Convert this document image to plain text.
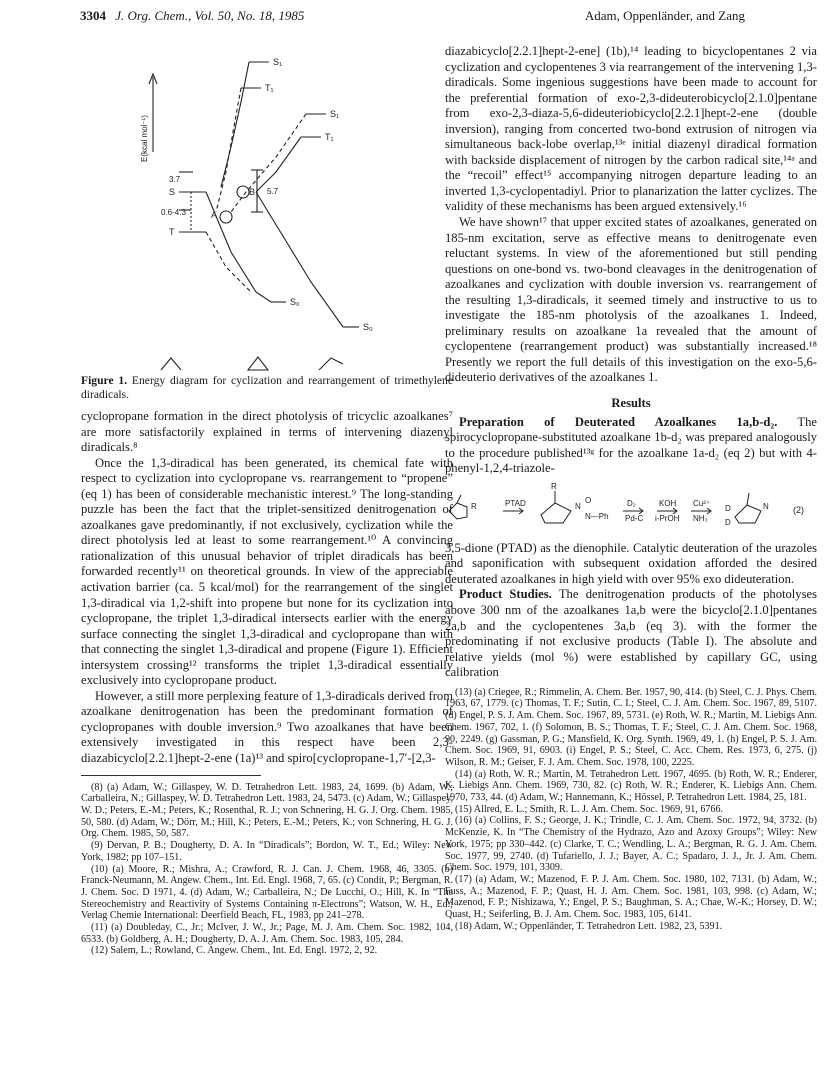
3304 J. Org. Chem., Vol. 50, No. 18, 1985	Adam, Oppenländer, and Zang
S₁
T₁
S₁
T₁
S
T
S₀
S₀
A
B
3.7
0.6-4.3
5.7
E(kcal mol⁻¹)

Figure 1. Energy diagram for cyclization and rearrangement of trimethylene diradicals.

cyclopropane formation in the direct photolysis of tricyclic azoalkanes⁷ are more satisfactorily explained in terms of intervening diazenyl diradicals.⁸

Once the 1,3-diradical has been generated, its chemical fate with respect to cyclization into cyclopropane vs. rearrangement to “propene” (eq 1) has been of considerable mechanistic interest.⁹ The long-standing puzzle has been the fact that the triplet-sensitized denitrogenation of azoalkanes gave predominantly, if not exclusively, cyclization while the direct photolysis led at least to some rearrangement.¹⁰ A convincing rationalization of this unusual behavior of triplet diradicals has been forwarded recently¹¹ on theoretical grounds. In view of the appreciable activation barrier (ca. 5 kcal/mol) for the rearrangement of the singlet 1,3-diradical via 1,2-shift into propene but none for its cyclization into cyclopropane, the triplet 1,3-diradical intersects earlier with the energy surface connecting the singlet 1,3-diradical and cyclopropane than with that connecting the singlet 1,3-diradical and propene (Figure 1). Efficient intersystem crossing¹² transforms the triplet 1,3-diradical essentially exclusively into cyclopropane product.

However, a still more perplexing feature of 1,3-diradicals derived from azoalkane denitrogenation has been the predominant formation of cyclopropanes with double inversion.⁹ Two azoalkanes that have been extensively investigated in this respect have been 2,3-diazabicyclo[2.2.1]hept-2-ene (1a)¹³ and spiro[cyclopropane-1,7′-[2,3-

(8) (a) Adam, W.; Gillaspey, W. D. Tetrahedron Lett. 1983, 24, 1699. (b) Adam, W.; Carballeira, N.; Gillaspey, W. D. Tetrahedron Lett. 1983, 24, 5473. (c) Adam, W.; Gillaspey, W. D.; Peters, E.-M.; Peters, K.; Rosenthal, R. J.; von Schnering, H. G. J. Org. Chem. 1985, 50, 580. (d) Adam, W.; Dörr, M.; Hill, K.; Peters, E.-M.; Peters, K.; von Schnering, H. G. J. Org. Chem. 1985, 50, 587.
(9) Dervan, P. B.; Dougherty, D. A. In “Diradicals”; Bordon, W. T., Ed.; Wiley: New York, 1982; pp 107–151.
(10) (a) Moore, R.; Mishra, A.; Crawford, R. J. Can. J. Chem. 1968, 46, 3305. (b) Franck-Neumann, M. Angew. Chem., Int. Ed. Engl. 1968, 7, 65. (c) Condit, P.; Bergman, R. J. Chem. Soc. D 1971, 4. (d) Adam, W.; Carballeira, N.; De Lucchi, O.; Hill, K. In “The Stereochemistry and Reactivity of Systems Containing π-Electrons”; Watson, W. H., Ed.; Verlag Chemie International: Deerfield Beach, FL, 1983, pp 241–278.
(11) (a) Doubleday, C., Jr.; McIver, J. W., Jr.; Page, M. J. Am. Chem. Soc. 1982, 104, 6533. (b) Goldberg, A. H.; Dougherty, D. A. J. Am. Chem. Soc. 1983, 105, 284.
(12) Salem, L.; Rowland, C. Angew. Chem., Int. Ed. Engl. 1972, 2, 92.

diazabicyclo[2.2.1]hept-2-ene] (1b),¹⁴ leading to bicyclopentanes 2 via cyclization and cyclopentenes 3 via rearrangement of the intervening 1,3-diradicals. Some ingenious suggestions have been made to account for the preferential formation of exo-2,3-dideuterobicyclo[2.1.0]pentane from exo-2,3-diaza-5,6-dideuteriobicyclo[2.2.1]hept-2-ene (double inversion), ranging from concerted two-bond extrusion of nitrogen via simultaneous back-lobe overlap,¹³ᵉ initial diazenyl diradical formation with backside displacement of nitrogen by the carbon radical site,¹⁴ᵃ and the “recoil” effect¹⁵ accompanying nitrogen departure leading to an inverted 1,3-cyclopentadiyl. Prior to planarization the latter cyclizes. The validity of these mechanisms has been argued extensively.¹⁶

We have shown¹⁷ that upper excited states of azoalkanes, generated on 185-nm excitation, serve as effective means to denitrogenate even reluctant systems. In view of the aforementioned but still pending questions on one-bond vs. two-bond cleavages in the denitrogenation of azoalkanes and cyclization with double inversion vs. rearrangement of the resulting 1,3-diradicals, it seemed timely and instructive to us to investigate the 185-nm photolysis of the azoalkanes 1. Indeed, preliminary results on azoalkane 1a revealed that the amount of cyclopentene (rearrangement product) was substantially increased.¹⁸ Presently we report the full details of this investigation on the exo-5,6-dideuterio derivatives of the azoalkanes 1.

Results

Preparation of Deuterated Azoalkanes 1a,b-d₂. The spirocyclopropane-substituted azoalkane 1b-d₂ was prepared analogously to the procedure published¹³ᵍ for the azoalkane 1a-d₂ (eq 2) but with 4-phenyl-1,2,4-triazole-

R	PTAD
R
N
O
N—Ph
D₂
Pd-C
KOH
i-PrOH
Cu²⁺
NH₃
D
D
N	(2)

3,5-dione (PTAD) as the dienophile. Catalytic deuteration of the urazoles and saponification with subsequent oxidation afforded the desired deuterated azoalkanes in high yield with over 95% exo dideuteration.

Product Studies. The denitrogenation products of the photolyses above 300 nm of the azoalkanes 1a,b were the bicyclo[2.1.0]pentanes 2a,b and the cyclopentenes 3a,b (eq 3). with the former the predominating if not exclusive products (Table I). The absolute and relative yields (mol %) were established by capillary GC, using calibration

(13) (a) Criegee, R.; Rimmelin, A. Chem. Ber. 1957, 90, 414. (b) Steel, C. J. Phys. Chem. 1963, 67, 1779. (c) Thomas, T. F.; Sutin, C. I.; Steel, C. J. Am. Chem. Soc. 1967, 89, 5107. (d) Engel, P. S. J. Am. Chem. Soc. 1967, 89, 5731. (e) Roth, W. R.; Martin, M. Liebigs Ann. Chem. 1967, 702, 1. (f) Solomon, B. S.; Thomas, T. F.; Steel, C. J. Am. Chem. Soc. 1968, 90, 2249. (g) Gassman, P. G.; Mansfield, K. Org. Synth. 1969, 49, 1. (h) Engel, P. S. J. Am. Chem. Soc. 1969, 91, 6903. (i) Engel, P. S.; Steel, C. Acc. Chem. Res. 1973, 6, 275. (j) Wilson, R. M.; Geiser, F. J. Am. Chem. Soc. 1978, 100, 2225.
(14) (a) Roth, W. R.; Martin, M. Tetrahedron Lett. 1967, 4695. (b) Roth, W. R.; Enderer, K. Liebigs Ann. Chem. 1969, 730, 82. (c) Roth, W. R.; Enderer, K. Liebigs Ann. Chem. 1970, 733, 44. (d) Adam, W.; Hannemann, K.; Hössel, P. Tetrahedron Lett. 1984, 25, 181.
(15) Allred, E. L.; Smith, R. L. J. Am. Chem. Soc. 1969, 91, 6766.
(16) (a) Collins, F. S.; George, J. K.; Trindle, C. J. Am. Chem. Soc. 1972, 94, 3732. (b) McKenzie, K. In “The Chemistry of the Hydrazo, Azo and Azoxy Groups”; Wiley: New York, 1975; pp 330–442. (c) Clarke, T. C.; Wendling, L. A.; Bergman, R. G. J. Am. Chem. Soc. 1977, 99, 2740. (d) Tufariello, J. J.; Bayer, A. C.; Spadaro, J. J., Jr. J. Am. Chem. Chem. Soc. 1979, 101, 3309.
(17) (a) Adam, W.; Mazenod, F. P. J. Am. Chem. Soc. 1980, 102, 7131. (b) Adam, W.; Fuss, A.; Mazenod, F. P.; Quast, H. J. Am. Chem. Soc. 1981, 103, 998. (c) Adam, W.; Mazenod, F. P.; Nishizawa, Y.; Engel, P. S.; Baughman, S. A.; Chae, W.-K.; Horsey, D. W.; Quast, H.; Seiferling, B. J. Am. Chem. Soc. 1983, 105, 6141.
(18) Adam, W.; Oppenländer, T. Tetrahedron Lett. 1982, 23, 5391.
